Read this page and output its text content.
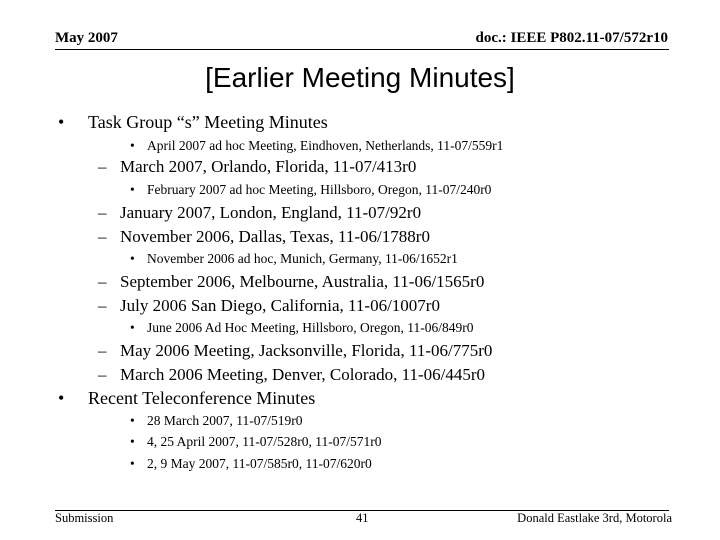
May 2007	doc.: IEEE P802.11-07/572r10
[Earlier Meeting Minutes]
• Task Group “s” Meeting Minutes
• April 2007 ad hoc Meeting, Eindhoven, Netherlands, 11-07/559r1
– March 2007, Orlando, Florida, 11-07/413r0
• February 2007 ad hoc Meeting, Hillsboro, Oregon, 11-07/240r0
– January 2007, London, England, 11-07/92r0
– November 2006, Dallas, Texas, 11-06/1788r0
• November 2006 ad hoc, Munich, Germany, 11-06/1652r1
– September 2006, Melbourne, Australia, 11-06/1565r0
– July 2006 San Diego, California, 11-06/1007r0
• June 2006 Ad Hoc Meeting, Hillsboro, Oregon, 11-06/849r0
– May 2006 Meeting, Jacksonville, Florida, 11-06/775r0
– March 2006 Meeting, Denver, Colorado, 11-06/445r0
• Recent Teleconference Minutes
• 28 March 2007, 11-07/519r0
• 4, 25 April 2007, 11-07/528r0, 11-07/571r0
• 2, 9 May 2007, 11-07/585r0, 11-07/620r0
Submission	41	Donald Eastlake 3rd, Motorola
